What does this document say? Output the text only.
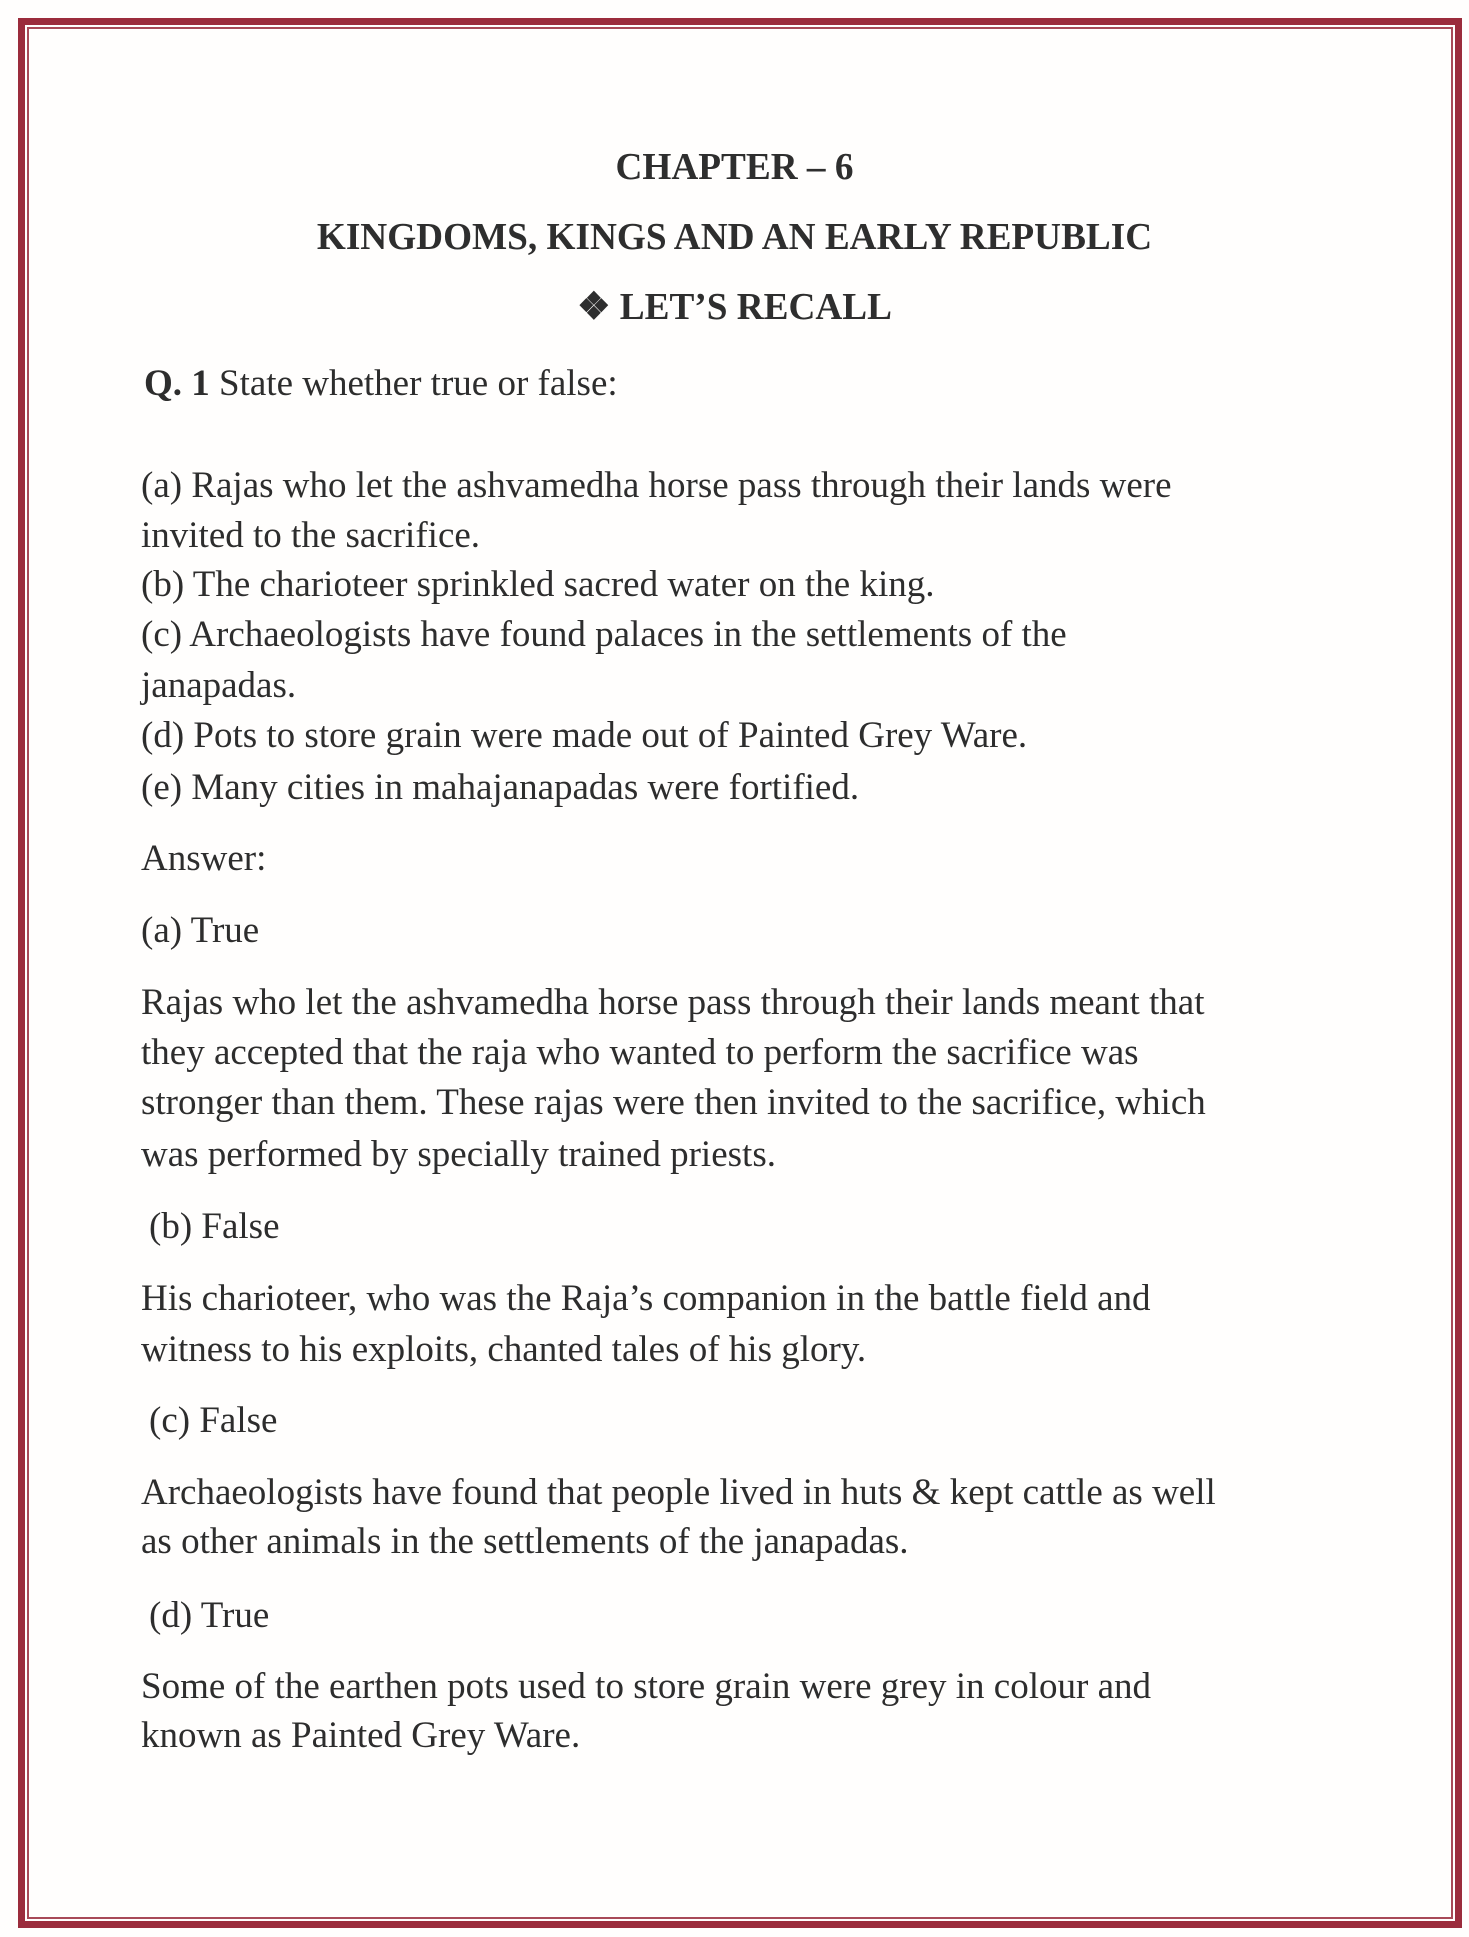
CHAPTER – 6
KINGDOMS, KINGS AND AN EARLY REPUBLIC
❖ LET’S RECALL
Q. 1 State whether true or false:
(a) Rajas who let the ashvamedha horse pass through their lands were
invited to the sacrifice.
(b) The charioteer sprinkled sacred water on the king.
(c) Archaeologists have found palaces in the settlements of the
janapadas.
(d) Pots to store grain were made out of Painted Grey Ware.
(e) Many cities in mahajanapadas were fortified.
Answer:
(a) True
Rajas who let the ashvamedha horse pass through their lands meant that
they accepted that the raja who wanted to perform the sacrifice was
stronger than them. These rajas were then invited to the sacrifice, which
was performed by specially trained priests.
(b) False
His charioteer, who was the Raja’s companion in the battle field and
witness to his exploits, chanted tales of his glory.
(c) False
Archaeologists have found that people lived in huts & kept cattle as well
as other animals in the settlements of the janapadas.
(d) True
Some of the earthen pots used to store grain were grey in colour and
known as Painted Grey Ware.
